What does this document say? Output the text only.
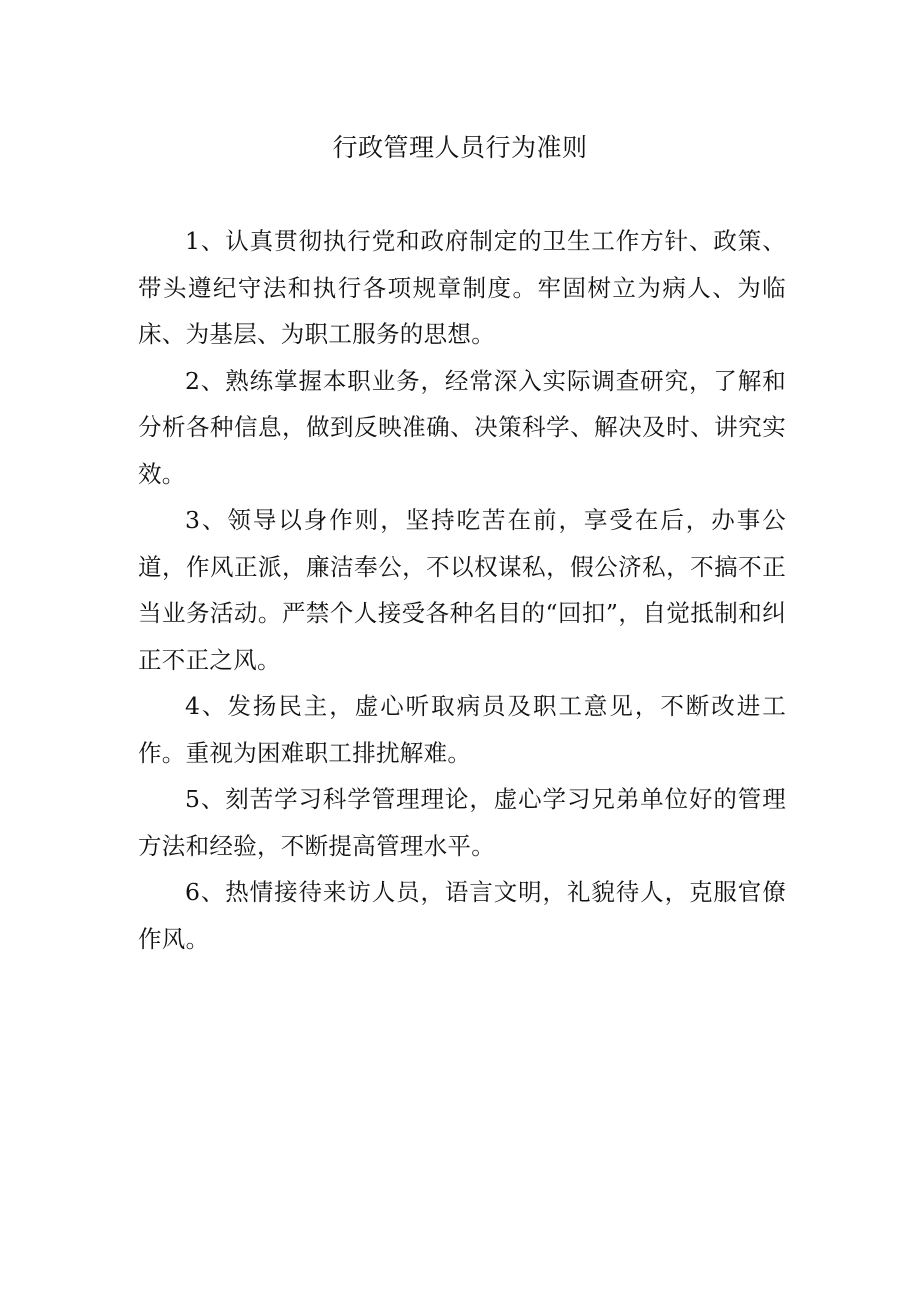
行政管理人员行为准则

1、认真贯彻执行党和政府制定的卫生工作方针、政策、带头遵纪守法和执行各项规章制度。牢固树立为病人、为临床、为基层、为职工服务的思想。

2、熟练掌握本职业务，经常深入实际调查研究，了解和分析各种信息，做到反映准确、决策科学、解决及时、讲究实效。

3、领导以身作则，坚持吃苦在前，享受在后，办事公道，作风正派，廉洁奉公，不以权谋私，假公济私，不搞不正当业务活动。严禁个人接受各种名目的“回扣”，自觉抵制和纠正不正之风。

4、发扬民主，虚心听取病员及职工意见，不断改进工作。重视为困难职工排扰解难。

5、刻苦学习科学管理理论，虚心学习兄弟单位好的管理方法和经验，不断提高管理水平。

6、热情接待来访人员，语言文明，礼貌待人，克服官僚作风。
